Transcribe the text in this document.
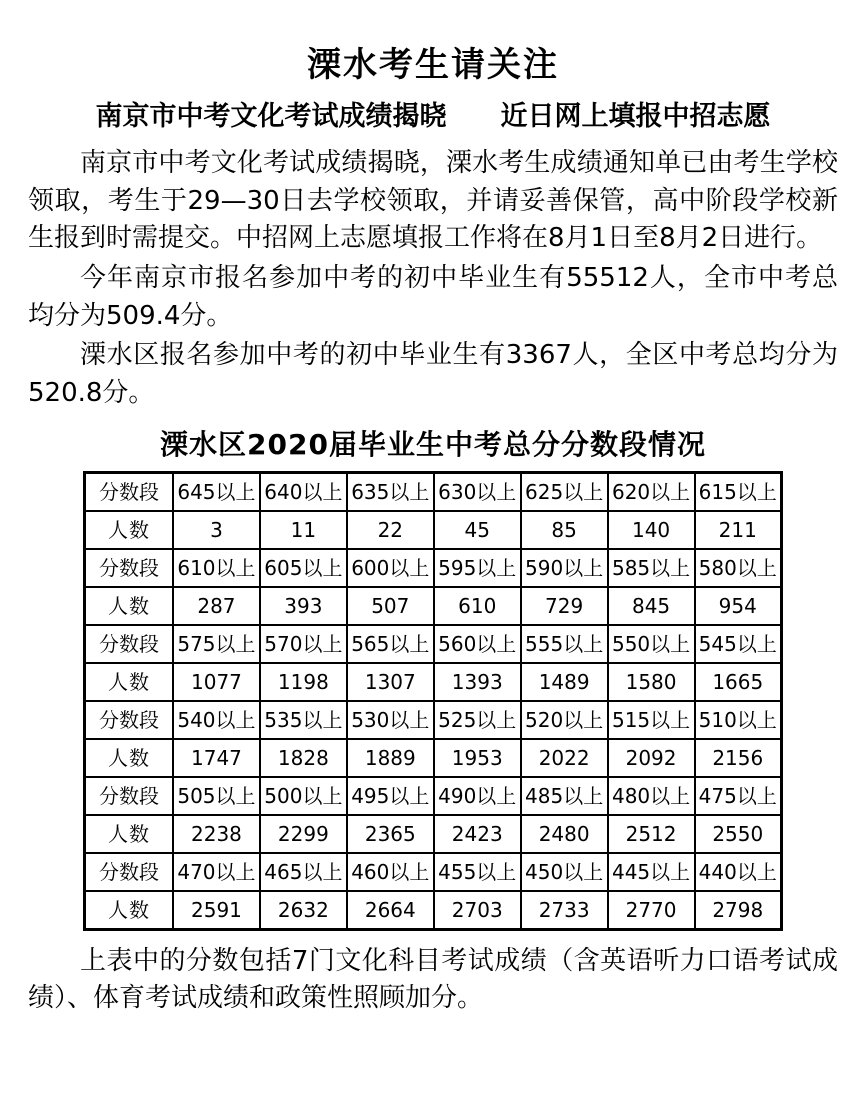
溧水考生请关注
南京市中考文化考试成绩揭晓　　近日网上填报中招志愿

南京市中考文化考试成绩揭晓，溧水考生成绩通知单已由考生学校领取，考生于29—30日去学校领取，并请妥善保管，高中阶段学校新生报到时需提交。中招网上志愿填报工作将在8月1日至8月2日进行。

今年南京市报名参加中考的初中毕业生有55512人，全市中考总均分为509.4分。

溧水区报名参加中考的初中毕业生有3367人，全区中考总均分为520.8分。

溧水区2020届毕业生中考总分分数段情况
分数段	645以上	640以上	635以上	630以上	625以上	620以上	615以上
人数	3	11	22	45	85	140	211
分数段	610以上	605以上	600以上	595以上	590以上	585以上	580以上
人数	287	393	507	610	729	845	954
分数段	575以上	570以上	565以上	560以上	555以上	550以上	545以上
人数	1077	1198	1307	1393	1489	1580	1665
分数段	540以上	535以上	530以上	525以上	520以上	515以上	510以上
人数	1747	1828	1889	1953	2022	2092	2156
分数段	505以上	500以上	495以上	490以上	485以上	480以上	475以上
人数	2238	2299	2365	2423	2480	2512	2550
分数段	470以上	465以上	460以上	455以上	450以上	445以上	440以上
人数	2591	2632	2664	2703	2733	2770	2798

上表中的分数包括7门文化科目考试成绩（含英语听力口语考试成绩）、体育考试成绩和政策性照顾加分。
